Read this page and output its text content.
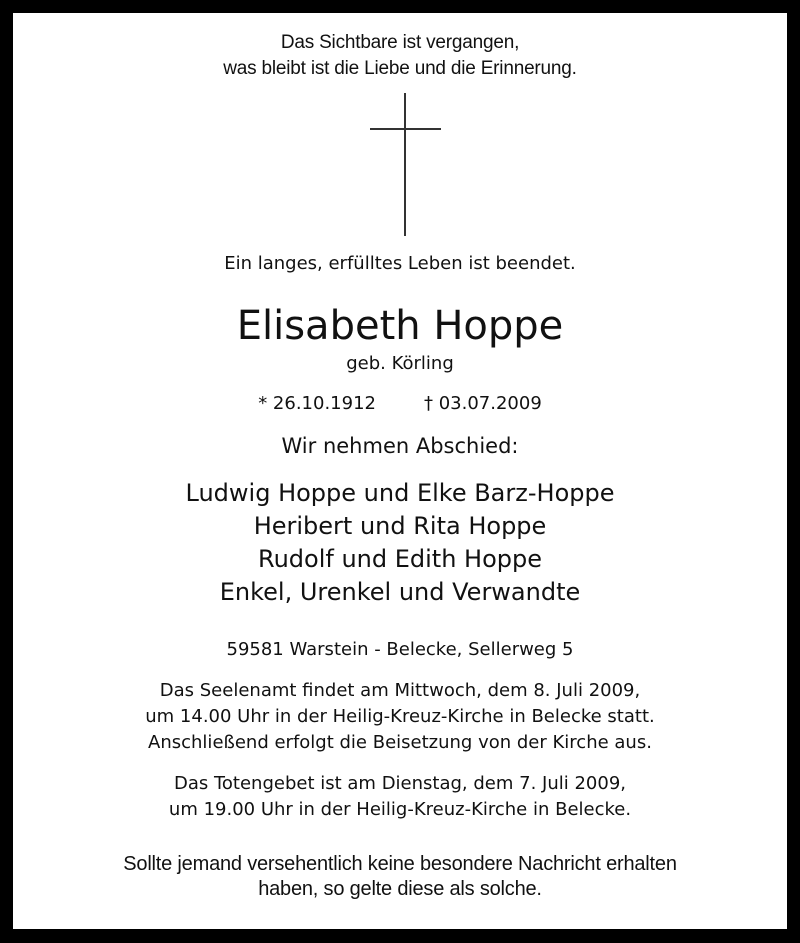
Das Sichtbare ist vergangen,
was bleibt ist die Liebe und die Erinnerung.
Ein langes, erfülltes Leben ist beendet.
Elisabeth Hoppe
geb. Körling
* 26.10.1912	† 03.07.2009
Wir nehmen Abschied:
Ludwig Hoppe und Elke Barz-Hoppe
Heribert und Rita Hoppe
Rudolf und Edith Hoppe
Enkel, Urenkel und Verwandte
59581 Warstein - Belecke, Sellerweg 5
Das Seelenamt findet am Mittwoch, dem 8. Juli 2009,
um 14.00 Uhr in der Heilig-Kreuz-Kirche in Belecke statt.
Anschließend erfolgt die Beisetzung von der Kirche aus.
Das Totengebet ist am Dienstag, dem 7. Juli 2009,
um 19.00 Uhr in der Heilig-Kreuz-Kirche in Belecke.
Sollte jemand versehentlich keine besondere Nachricht erhalten
haben, so gelte diese als solche.
